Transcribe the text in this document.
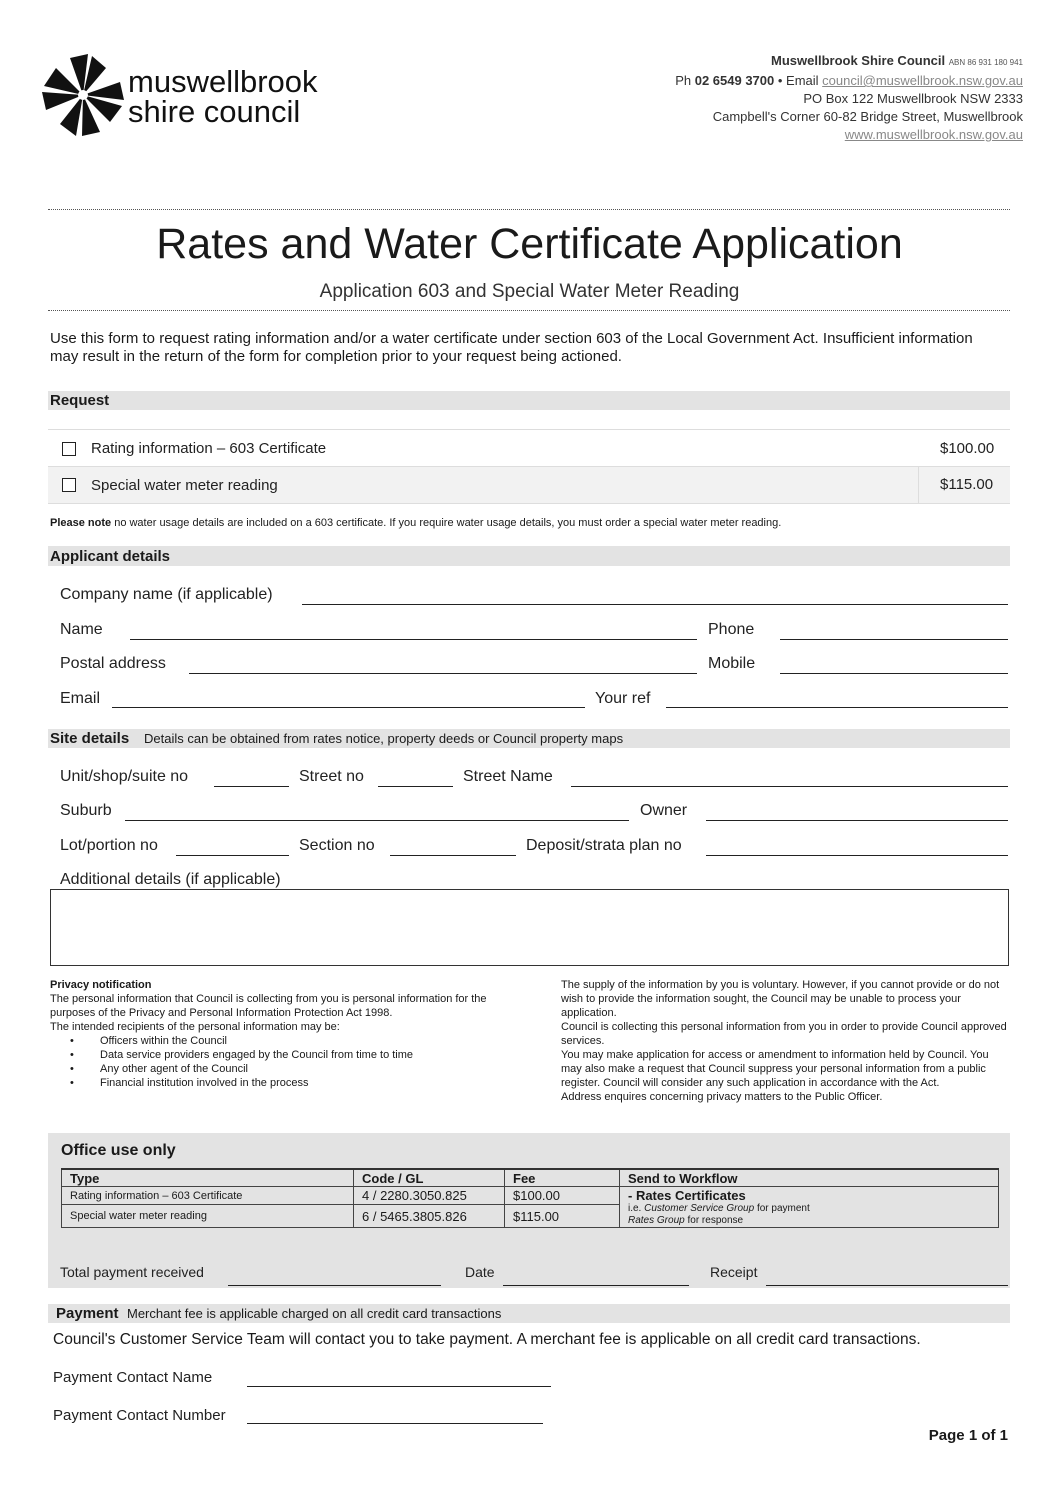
muswellbrook
shire council
Muswellbrook Shire Council ABN 86 931 180 941
Ph 02 6549 3700 • Email council@muswellbrook.nsw.gov.au
PO Box 122 Muswellbrook NSW 2333
Campbell's Corner 60-82 Bridge Street, Muswellbrook
www.muswellbrook.nsw.gov.au
Rates and Water Certificate Application
Application 603 and Special Water Meter Reading
Use this form to request rating information and/or a water certificate under section 603 of the Local Government Act. Insufficient information may result in the return of the form for completion prior to your request being actioned.
Request
Rating information – 603 Certificate	$100.00
Special water meter reading	$115.00
Please note no water usage details are included on a 603 certificate. If you require water usage details, you must order a special water meter reading.
Applicant details
Company name (if applicable)
Name	Phone
Postal address	Mobile
Email	Your ref
Site details Details can be obtained from rates notice, property deeds or Council property maps
Unit/shop/suite no	Street no	Street Name
Suburb	Owner
Lot/portion no	Section no	Deposit/strata plan no
Additional details (if applicable)
Privacy notification
The personal information that Council is collecting from you is personal information for the purposes of the Privacy and Personal Information Protection Act 1998.
The intended recipients of the personal information may be:
• Officers within the Council
• Data service providers engaged by the Council from time to time
• Any other agent of the Council
• Financial institution involved in the process
The supply of the information by you is voluntary. However, if you cannot provide or do not wish to provide the information sought, the Council may be unable to process your application.
Council is collecting this personal information from you in order to provide Council approved services.
You may make application for access or amendment to information held by Council. You may also make a request that Council suppress your personal information from a public register. Council will consider any such application in accordance with the Act.
Address enquires concerning privacy matters to the Public Officer.
Office use only
Type	Code / GL	Fee	Send to Workflow
Rating information – 603 Certificate	4 / 2280.3050.825	$100.00	- Rates Certificates
i.e. Customer Service Group for payment
Rates Group for response

Special water meter reading	6 / 5465.3805.826	$115.00	
Total payment received	Date	Receipt
Payment Merchant fee is applicable charged on all credit card transactions
Council's Customer Service Team will contact you to take payment. A merchant fee is applicable on all credit card transactions.
Payment Contact Name
Payment Contact Number
Page 1 of 1
